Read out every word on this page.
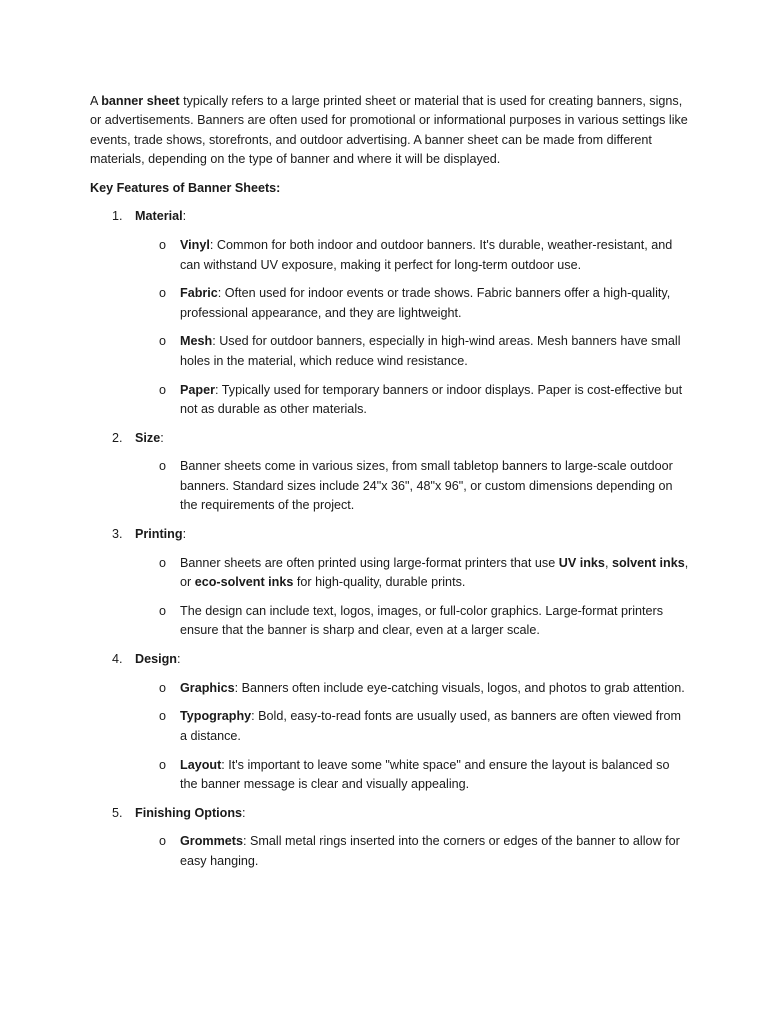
A banner sheet typically refers to a large printed sheet or material that is used for creating banners, signs, or advertisements. Banners are often used for promotional or informational purposes in various settings like events, trade shows, storefronts, and outdoor advertising. A banner sheet can be made from different materials, depending on the type of banner and where it will be displayed.

Key Features of Banner Sheets:

1. Material:
o Vinyl: Common for both indoor and outdoor banners. It's durable, weather-resistant, and can withstand UV exposure, making it perfect for long-term outdoor use.
o Fabric: Often used for indoor events or trade shows. Fabric banners offer a high-quality, professional appearance, and they are lightweight.
o Mesh: Used for outdoor banners, especially in high-wind areas. Mesh banners have small holes in the material, which reduce wind resistance.
o Paper: Typically used for temporary banners or indoor displays. Paper is cost-effective but not as durable as other materials.
2. Size:
o Banner sheets come in various sizes, from small tabletop banners to large-scale outdoor banners. Standard sizes include 24"x 36", 48"x 96", or custom dimensions depending on the requirements of the project.
3. Printing:
o Banner sheets are often printed using large-format printers that use UV inks, solvent inks, or eco-solvent inks for high-quality, durable prints.
o The design can include text, logos, images, or full-color graphics. Large-format printers ensure that the banner is sharp and clear, even at a larger scale.
4. Design:
o Graphics: Banners often include eye-catching visuals, logos, and photos to grab attention.
o Typography: Bold, easy-to-read fonts are usually used, as banners are often viewed from a distance.
o Layout: It's important to leave some "white space" and ensure the layout is balanced so the banner message is clear and visually appealing.
5. Finishing Options:
o Grommets: Small metal rings inserted into the corners or edges of the banner to allow for easy hanging.
